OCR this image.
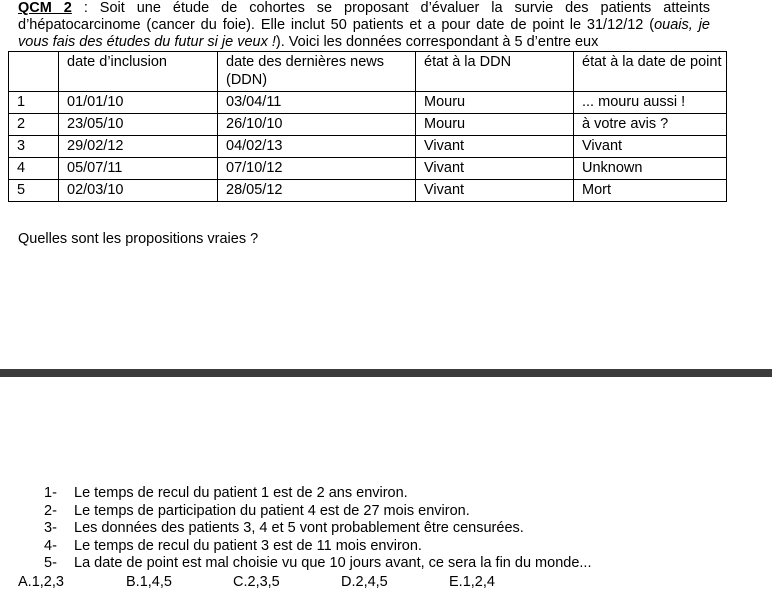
QCM 2 : Soit une étude de cohortes se proposant d’évaluer la survie des patients atteints d’hépatocarcinome (cancer du foie). Elle inclut 50 patients et a pour date de point le 31/12/12 (ouais, je vous fais des études du futur si je veux !). Voici les données correspondant à 5 d’entre eux
	date d’inclusion	date des dernières news (DDN)	état à la DDN	état à la date de point
1	01/01/10	03/04/11	Mouru	... mouru aussi !
2	23/05/10	26/10/10	Mouru	à votre avis ?
3	29/02/12	04/02/13	Vivant	Vivant
4	05/07/11	07/10/12	Vivant	Unknown
5	02/03/10	28/05/12	Vivant	Mort
Quelles sont les propositions vraies ?
1- Le temps de recul du patient 1 est de 2 ans environ.
2- Le temps de participation du patient 4 est de 27 mois environ.
3- Les données des patients 3, 4 et 5 vont probablement être censurées.
4- Le temps de recul du patient 3 est de 11 mois environ.
5- La date de point est mal choisie vu que 10 jours avant, ce sera la fin du monde...
A.1,2,3	B.1,4,5	C.2,3,5	D.2,4,5	E.1,2,4
